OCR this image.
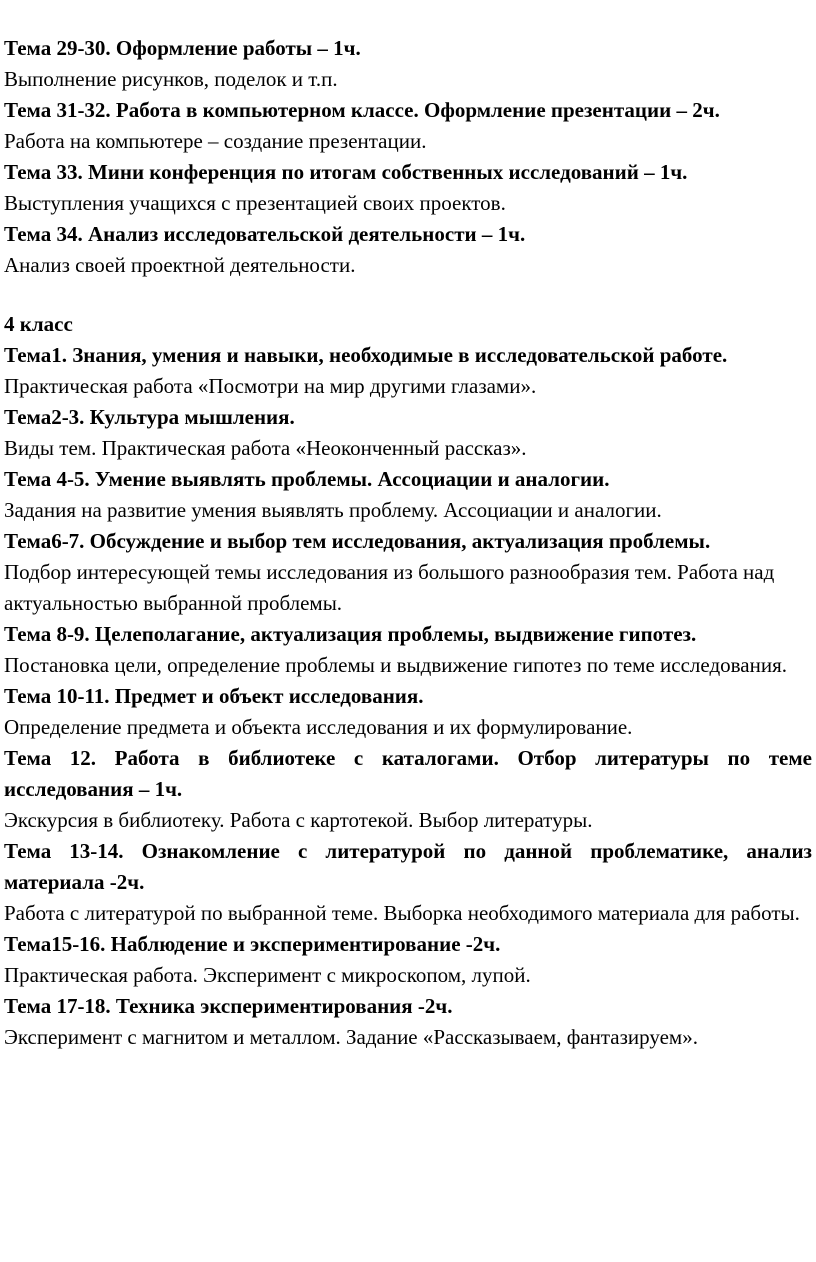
Тема 29-30. Оформление работы – 1ч.

Выполнение рисунков, поделок и т.п.

Тема 31-32. Работа в компьютерном классе. Оформление презентации – 2ч.

Работа на компьютере – создание презентации.

Тема 33. Мини конференция по итогам собственных исследований – 1ч.

Выступления учащихся с презентацией своих проектов.

Тема 34. Анализ исследовательской деятельности – 1ч.

Анализ своей проектной деятельности.

4 класс

Тема1. Знания, умения и навыки, необходимые в исследовательской работе.

Практическая работа «Посмотри на мир другими глазами».

Тема2-3. Культура мышления.

Виды тем. Практическая работа «Неоконченный рассказ».

Тема 4-5. Умение выявлять проблемы. Ассоциации и аналогии.

Задания на развитие умения выявлять проблему. Ассоциации и аналогии.

Тема6-7. Обсуждение и выбор тем исследования, актуализация проблемы.

Подбор интересующей темы исследования из большого разнообразия тем. Работа над актуальностью выбранной проблемы.

Тема 8-9. Целеполагание, актуализация проблемы, выдвижение гипотез.

Постановка цели, определение проблемы и выдвижение гипотез по теме исследования.

Тема 10-11. Предмет и объект исследования.

Определение предмета и объекта исследования и их формулирование.

Тема 12. Работа в библиотеке с каталогами. Отбор литературы по теме исследования – 1ч.

Экскурсия в библиотеку. Работа с картотекой. Выбор литературы.

Тема 13-14. Ознакомление с литературой по данной проблематике, анализ материала -2ч.

Работа с литературой по выбранной теме. Выборка необходимого материала для работы.

Тема15-16. Наблюдение и экспериментирование -2ч.

Практическая работа. Эксперимент с микроскопом, лупой.

Тема 17-18. Техника экспериментирования -2ч.

Эксперимент с магнитом и металлом. Задание «Рассказываем, фантазируем».
